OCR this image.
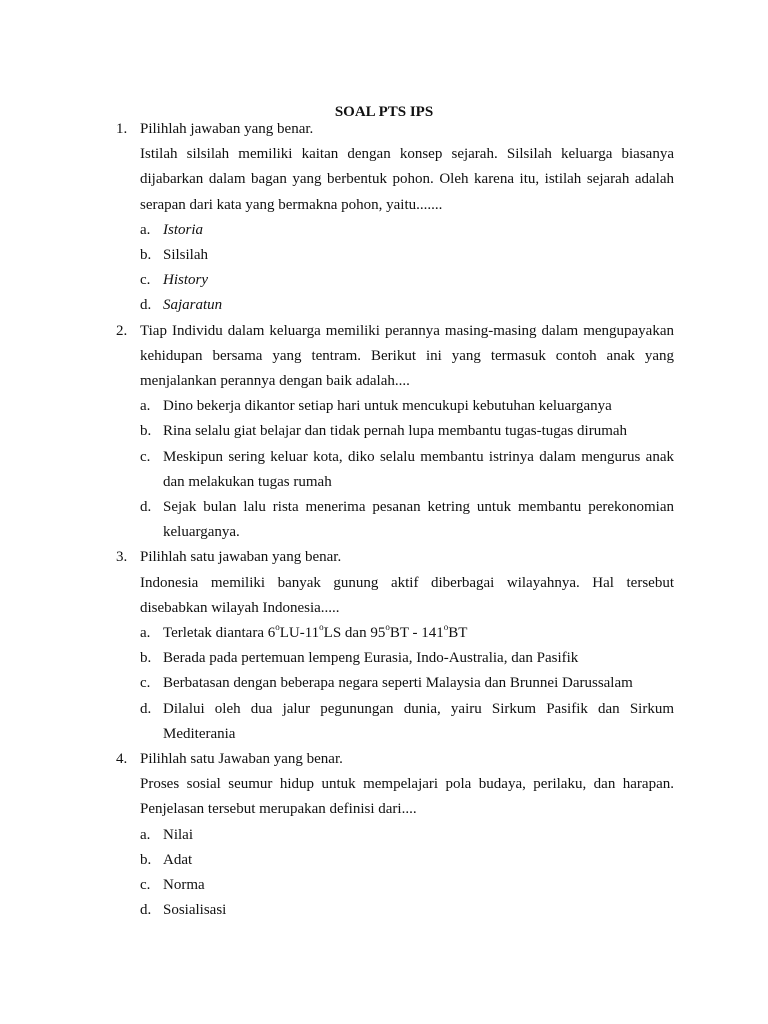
SOAL PTS IPS
1. Pilihlah jawaban yang benar.
Istilah silsilah memiliki kaitan dengan konsep sejarah. Silsilah keluarga biasanya dijabarkan dalam bagan yang berbentuk pohon. Oleh karena itu, istilah sejarah adalah serapan dari kata yang bermakna pohon, yaitu.......
a. Istoria
b. Silsilah
c. History
d. Sajaratun
2. Tiap Individu dalam keluarga memiliki perannya masing-masing dalam mengupayakan kehidupan bersama yang tentram. Berikut ini yang termasuk contoh anak yang menjalankan perannya dengan baik adalah....
a. Dino bekerja dikantor setiap hari untuk mencukupi kebutuhan keluarganya
b. Rina selalu giat belajar dan tidak pernah lupa membantu tugas-tugas dirumah
c. Meskipun sering keluar kota, diko selalu membantu istrinya dalam mengurus anak dan melakukan tugas rumah
d. Sejak bulan lalu rista menerima pesanan ketring untuk membantu perekonomian keluarganya.
3. Pilihlah satu jawaban yang benar.
Indonesia memiliki banyak gunung aktif diberbagai wilayahnya. Hal tersebut disebabkan wilayah Indonesia.....
a. Terletak diantara 6$^o$LU-11$^o$LS dan 95$^o$BT - 141$^o$BT
b. Berada pada pertemuan lempeng Eurasia, Indo-Australia, dan Pasifik
c. Berbatasan dengan beberapa negara seperti Malaysia dan Brunnei Darussalam
d. Dilalui oleh dua jalur pegunungan dunia, yairu Sirkum Pasifik dan Sirkum Mediterania
4. Pilihlah satu Jawaban yang benar.
Proses sosial seumur hidup untuk mempelajari pola budaya, perilaku, dan harapan. Penjelasan tersebut merupakan definisi dari....
a. Nilai
b. Adat
c. Norma
d. Sosialisasi
